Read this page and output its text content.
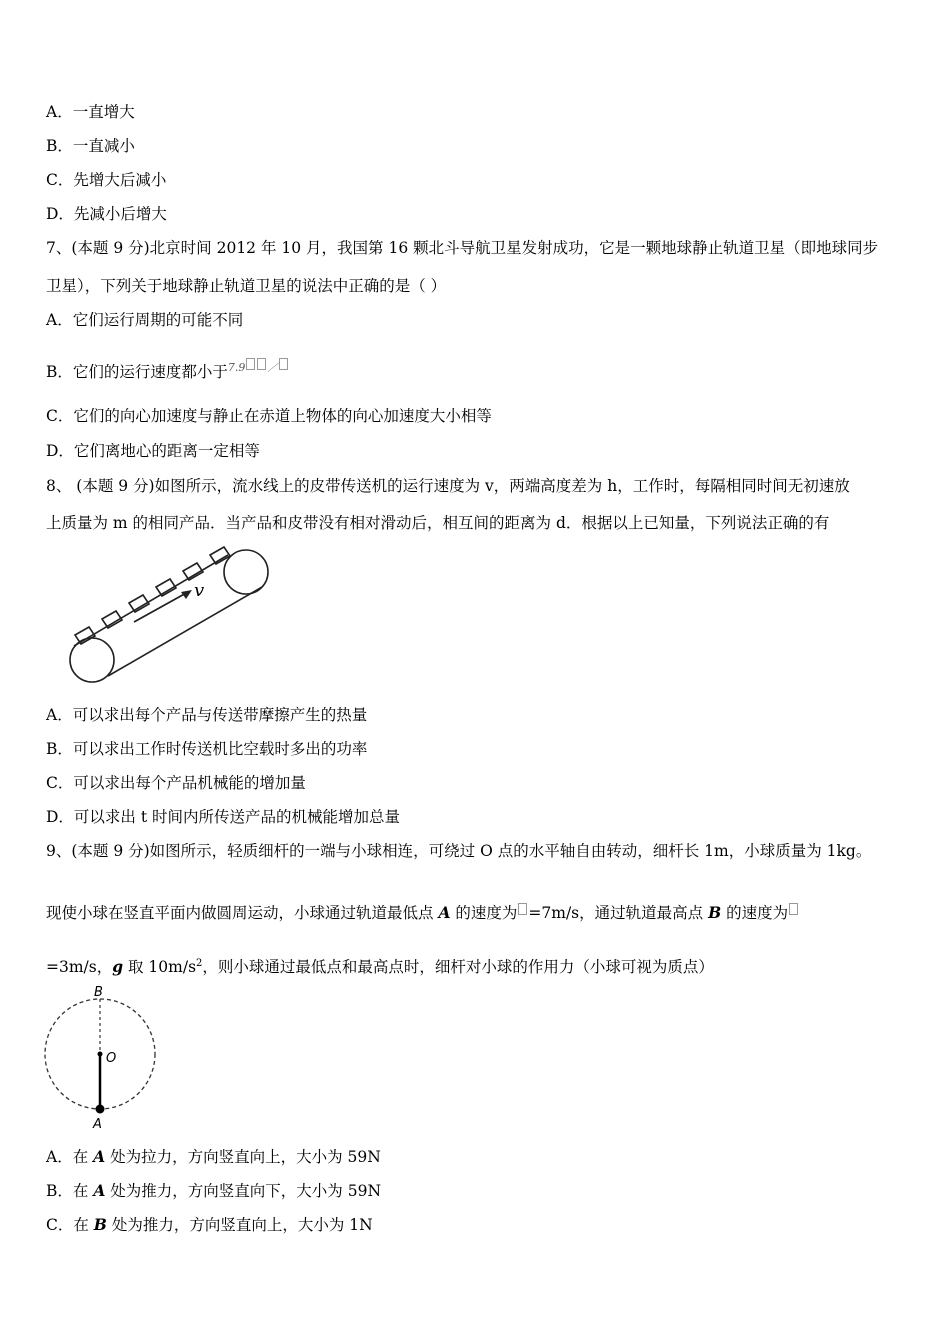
A．一直增大
B．一直减小
C．先增大后减小
D．先减小后增大
7、(本题 9 分)北京时间 2012 年 10 月，我国第 16 颗北斗导航卫星发射成功，它是一颗地球静止轨道卫星（即地球同步
卫星），下列关于地球静止轨道卫星的说法中正确的是（ ）
A．它们运行周期的可能不同
B．它们的运行速度都小于$^{7.9}$ ／
C．它们的向心加速度与静止在赤道上物体的向心加速度大小相等
D．它们离地心的距离一定相等
8、 (本题 9 分)如图所示，流水线上的皮带传送机的运行速度为 v，两端高度差为 h，工作时，每隔相同时间无初速放
上质量为 m 的相同产品．当产品和皮带没有相对滑动后，相互间的距离为 d．根据以上已知量，下列说法正确的有
v
A．可以求出每个产品与传送带摩擦产生的热量
B．可以求出工作时传送机比空载时多出的功率
C．可以求出每个产品机械能的增加量
D．可以求出 t 时间内所传送产品的机械能增加总量
9、(本题 9 分)如图所示，轻质细杆的一端与小球相连，可绕过 O 点的水平轴自由转动，细杆长 1m，小球质量为 1kg。
现使小球在竖直平面内做圆周运动，小球通过轨道最低点 A 的速度为 =7m/s，通过轨道最高点 B 的速度为
=3m/s，g 取 $10m/s^2$，则小球通过最低点和最高点时，细杆对小球的作用力（小球可视为质点）
B
O
A
A．在 A 处为拉力，方向竖直向上，大小为 59N
B．在 A 处为推力，方向竖直向下，大小为 59N
C．在 B 处为推力，方向竖直向上，大小为 1N
